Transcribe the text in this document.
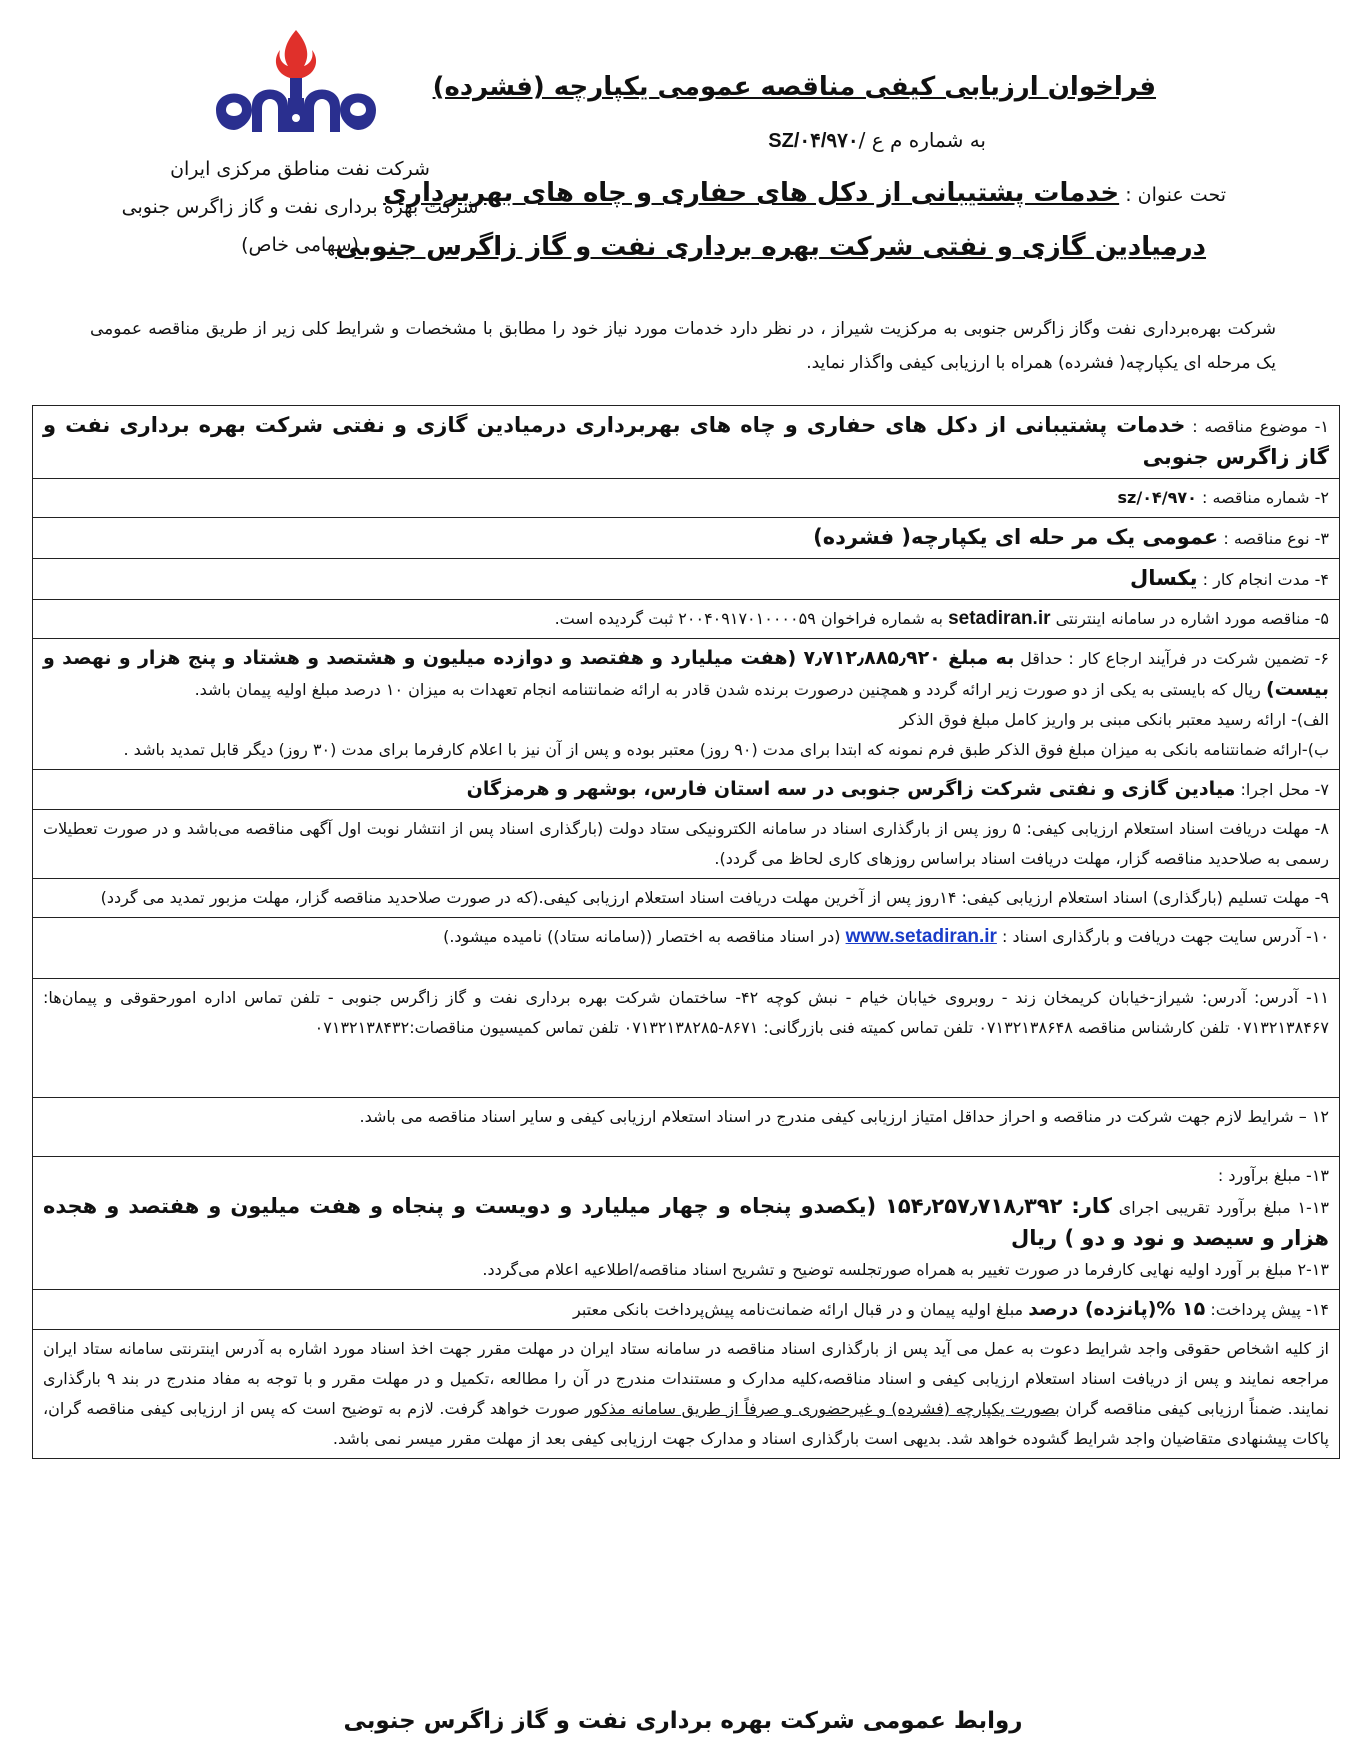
شرکت نفت مناطق مرکزی ایران
شرکت بهره برداری نفت و گاز زاگرس جنوبی
(سهامی خاص)
فراخوان ارزیابی کیفی مناقصه عمومی یکپارچه (فشرده)
به شماره م ع /SZ/۰۴/۹۷۰
تحت عنوان : خدمات پشتیبانی از دکل های حفاری و چاه های بهربرداری
درمیادین گازی و نفتی شرکت بهره برداری نفت و گاز زاگرس جنوبی
شرکت بهره‌برداری نفت وگاز زاگرس جنوبی به مرکزیت شیراز ، در نظر دارد خدمات مورد نیاز خود را مطابق با مشخصات و شرایط کلی زیر از طریق مناقصه عمومی یک مرحله ای یکپارچه( فشرده) همراه با ارزیابی کیفی واگذار نماید.
۱- موضوع مناقصه : خدمات پشتیبانی از دکل های حفاری و چاه های بهربرداری درمیادین گازی و نفتی شرکت بهره برداری نفت و گاز زاگرس جنوبی
۲- شماره مناقصه : sz/۰۴/۹۷۰
۳- نوع مناقصه : عمومی یک مر حله ای یکپارچه( فشرده)
۴- مدت انجام کار : یکسال
۵- مناقصه مورد اشاره در سامانه اینترنتی setadiran.ir به شماره فراخوان ۲۰۰۴۰۹۱۷۰۱۰۰۰۰۵۹ ثبت گردیده است.

۶- تضمین شرکت در فرآیند ارجاع کار : حداقل به مبلغ ۷٫۷۱۲٫۸۸۵٫۹۲۰ (هفت میلیارد و هفتصد و دوازده میلیون و هشتصد و هشتاد و پنج هزار و نهصد و بیست) ریال که بایستی به یکی از دو صورت زیر ارائه گردد و همچنین درصورت برنده شدن قادر به ارائه ضمانتنامه انجام تعهدات به میزان ۱۰ درصد مبلغ اولیه پیمان باشد.

الف)- ارائه رسید معتبر بانکی مبنی بر واریز کامل مبلغ فوق الذکر

ب)-ارائه ضمانتنامه بانکی به میزان مبلغ فوق الذکر طبق فرم نمونه که ابتدا برای مدت (۹۰ روز) معتبر بوده و پس از آن نیز با اعلام کارفرما برای مدت (۳۰ روز) دیگر قابل تمدید باشد .

۷- محل اجرا: میادین گازی و نفتی شرکت زاگرس جنوبی در سه استان فارس، بوشهر و هرمزگان
۸- مهلت دریافت اسناد استعلام ارزیابی کیفی: ۵ روز پس از بارگذاری اسناد در سامانه الکترونیکی ستاد دولت (بارگذاری اسناد پس از انتشار نوبت اول آگهی مناقصه می‌باشد و در صورت تعطیلات رسمی به صلاحدید مناقصه گزار، مهلت دریافت اسناد براساس روزهای کاری لحاظ می گردد).
۹- مهلت تسلیم (بارگذاری) اسناد استعلام ارزیابی کیفی: ۱۴روز پس از آخرین مهلت دریافت اسناد استعلام ارزیابی کیفی.(که در صورت صلاحدید مناقصه گزار، مهلت مزبور تمدید می گردد)
۱۰- آدرس سایت جهت دریافت و بارگذاری اسناد : www.setadiran.ir (در اسناد مناقصه به اختصار ((سامانه ستاد)) نامیده میشود.)
۱۱- آدرس: آدرس: شیراز-خیابان کریمخان زند - روبروی خیابان خیام - نبش کوچه ۴۲- ساختمان شرکت بهره برداری نفت و گاز زاگرس جنوبی - تلفن تماس اداره امورحقوقی و پیمان‌ها: ۰۷۱۳۲۱۳۸۴۶۷ تلفن کارشناس مناقصه ۰۷۱۳۲۱۳۸۶۴۸ تلفن تماس کمیته فنی بازرگانی: ۸۶۷۱-۰۷۱۳۲۱۳۸۲۸۵ تلفن تماس کمیسیون مناقصات:۰۷۱۳۲۱۳۸۴۳۲
۱۲ – شرایط لازم جهت شرکت در مناقصه و احراز حداقل امتیاز ارزیابی کیفی مندرج در اسناد استعلام ارزیابی کیفی و سایر اسناد مناقصه می باشد.

۱۳- مبلغ برآورد :

۱-۱۳ مبلغ برآورد تقریبی اجرای کار: ۱۵۴٫۲۵۷٫۷۱۸٫۳۹۲ (یکصدو پنجاه و چهار میلیارد و دویست و پنجاه و هفت میلیون و هفتصد و هجده هزار و سیصد و نود و دو ) ریال

۲-۱۳ مبلغ بر آورد اولیه نهایی کارفرما در صورت تغییر به همراه صورتجلسه توضیح و تشریح اسناد مناقصه/اطلاعیه اعلام می‌گردد.

۱۴- پیش پرداخت: ۱۵ %(پانزده) درصد مبلغ اولیه پیمان و در قبال ارائه ضمانت‌نامه پیش‌پرداخت بانکی معتبر
از کلیه اشخاص حقوقی واجد شرایط دعوت به عمل می آید پس از بارگذاری اسناد مناقصه در سامانه ستاد ایران در مهلت مقرر جهت اخذ اسناد مورد اشاره به آدرس اینترنتی سامانه ستاد ایران مراجعه نمایند و پس از دریافت اسناد استعلام ارزیابی کیفی و اسناد مناقصه،کلیه مدارک و مستندات مندرج در آن را مطالعه ،تکمیل و در مهلت مقرر و با توجه به مفاد مندرج در بند ۹ بارگذاری نمایند. ضمناً ارزیابی کیفی مناقصه گران بصورت یکپارچه (فشرده) و غیرحضوری و صرفاً از طریق سامانه مذکور صورت خواهد گرفت. لازم به توضیح است که پس از ارزیابی کیفی مناقصه گران، پاکات پیشنهادی متقاضیان واجد شرایط گشوده خواهد شد. بدیهی است بارگذاری اسناد و مدارک جهت ارزیابی کیفی بعد از مهلت مقرر میسر نمی باشد.
روابط عمومی شرکت بهره برداری نفت و گاز زاگرس جنوبی
